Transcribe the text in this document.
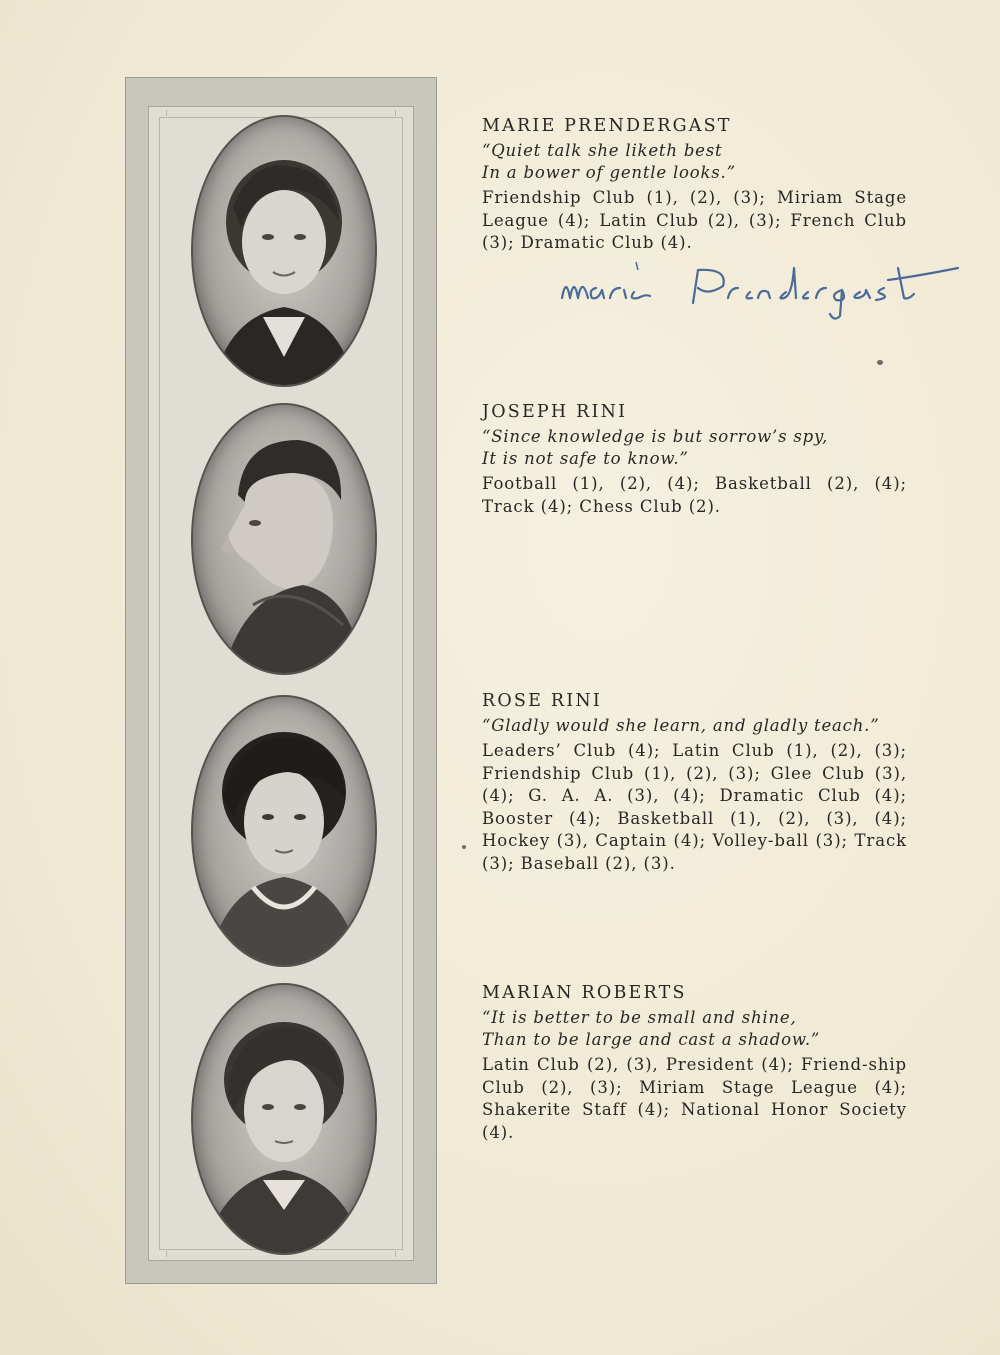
MARIE PRENDERGAST
“Quiet talk she liketh best
In a bower of gentle looks.”
Friendship Club (1), (2), (3); Miriam Stage League (4); Latin Club (2), (3); French Club (3); Dramatic Club (4).
JOSEPH RINI
“Since knowledge is but sorrow’s spy,
It is not safe to know.”
Football (1), (2), (4); Basketball (2), (4); Track (4); Chess Club (2).
ROSE RINI
“Gladly would she learn, and gladly teach.”
Leaders’ Club (4); Latin Club (1), (2), (3); Friendship Club (1), (2), (3); Glee Club (3), (4); G. A. A. (3), (4); Dramatic Club (4); Booster (4); Basketball (1), (2), (3), (4); Hockey (3), Captain (4); Volley-ball (3); Track (3); Baseball (2), (3).
MARIAN ROBERTS
“It is better to be small and shine,
Than to be large and cast a shadow.”
Latin Club (2), (3), President (4); Friend-ship Club (2), (3); Miriam Stage League (4); Shakerite Staff (4); National Honor Society (4).
